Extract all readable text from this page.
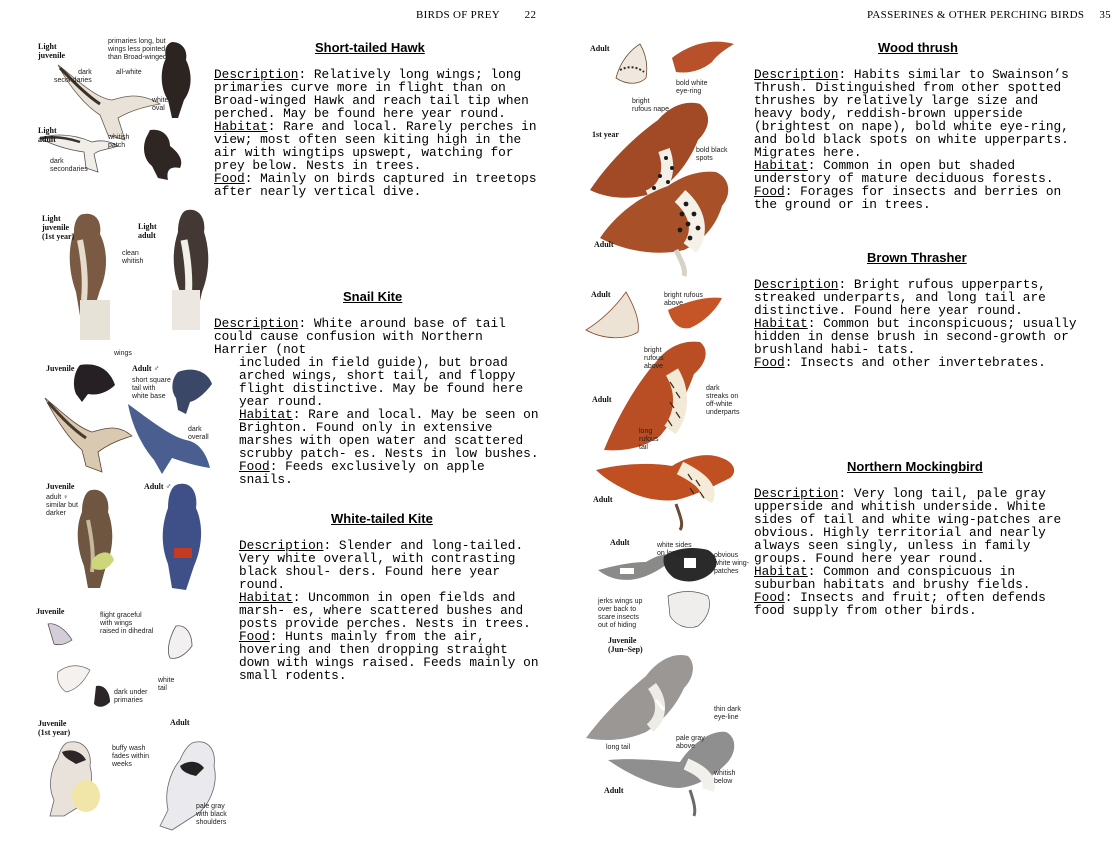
BIRDS OF PREY 22	PASSERINES & OTHER PERCHING BIRDS 35
Light
juvenile
primaries long, but
wings less pointed
than Broad-winged
dark
secondaries
all-white
white
oval
Light
adult	whitish
patch
dark
secondaries
Light
juvenile
(1st year)
Light
adult
clean
whitish
wings
Juvenile	Adult ♂
short square
tail with
white base
dark
overall
Juvenile	Adult ♂
adult ♀
similar but
darker
Juvenile	flight graceful
with wings
raised in dihedral
white
tail
dark under
primaries
Juvenile
(1st year)
Adult
buffy wash
fades within
weeks
pale gray
with black
shoulders
Adult
bold white
eye-ring
bright
rufous nape
1st year
bold black
spots
Adult
Adult	bright rufous
above
bright
rufous
above
Adult
dark
streaks on
off-white
underparts
long
rufous
tail
Adult
Adult	white sides
on long tail	obvious
white wing-
patches
jerks wings up
over back to
scare insects
out of hiding
Juvenile
(Jun–Sep)
thin dark
eye-line
pale gray
above
long tail
whitish
below
Adult
Short-tailed Hawk

Description: Relatively long wings; long primaries curve more in flight than on Broad-winged Hawk and reach tail tip when perched. May be found here year round.

Habitat: Rare and local. Rarely perches in view; most often seen kiting high in the air with wingtips upswept, watching for prey below. Nests in trees.

Food: Mainly on birds captured in treetops after nearly vertical dive.

Snail Kite

Description: White around base of tail could cause confusion with Northern Harrier (not

included in field guide), but broad arched wings, short tail, and floppy flight distinctive. May be found here year round.

Habitat: Rare and local. May be seen on Brighton. Found only in extensive marshes with open water and scattered scrubby patch- es. Nests in low bushes.

Food: Feeds exclusively on apple snails.

White-tailed Kite

Description: Slender and long-tailed. Very white overall, with contrasting black shoul- ders. Found here year round.

Habitat: Uncommon in open fields and marsh- es, where scattered bushes and posts provide perches. Nests in trees.

Food: Hunts mainly from the air, hovering and then dropping straight down with wings raised. Feeds mainly on small rodents.

Wood thrush

Description: Habits similar to Swainson’s Thrush. Distinguished from other spotted thrushes by relatively large size and heavy body, reddish-brown upperside (brightest on nape), bold white eye-ring, and bold black spots on white upperparts. Migrates here.

Habitat: Common in open but shaded understory of mature deciduous forests.

Food: Forages for insects and berries on the ground or in trees.

Brown Thrasher

Description: Bright rufous upperparts, streaked underparts, and long tail are distinctive. Found here year round.

Habitat: Common but inconspicuous; usually hidden in dense brush in second-growth or brushland habi- tats.

Food: Insects and other invertebrates.

Northern Mockingbird

Description: Very long tail, pale gray upperside and whitish underside. White sides of tail and white wing-patches are obvious. Highly territorial and nearly always seen singly, unless in family groups. Found here year round.

Habitat: Common and conspicuous in suburban habitats and brushy fields.

Food: Insects and fruit; often defends food supply from other birds.
